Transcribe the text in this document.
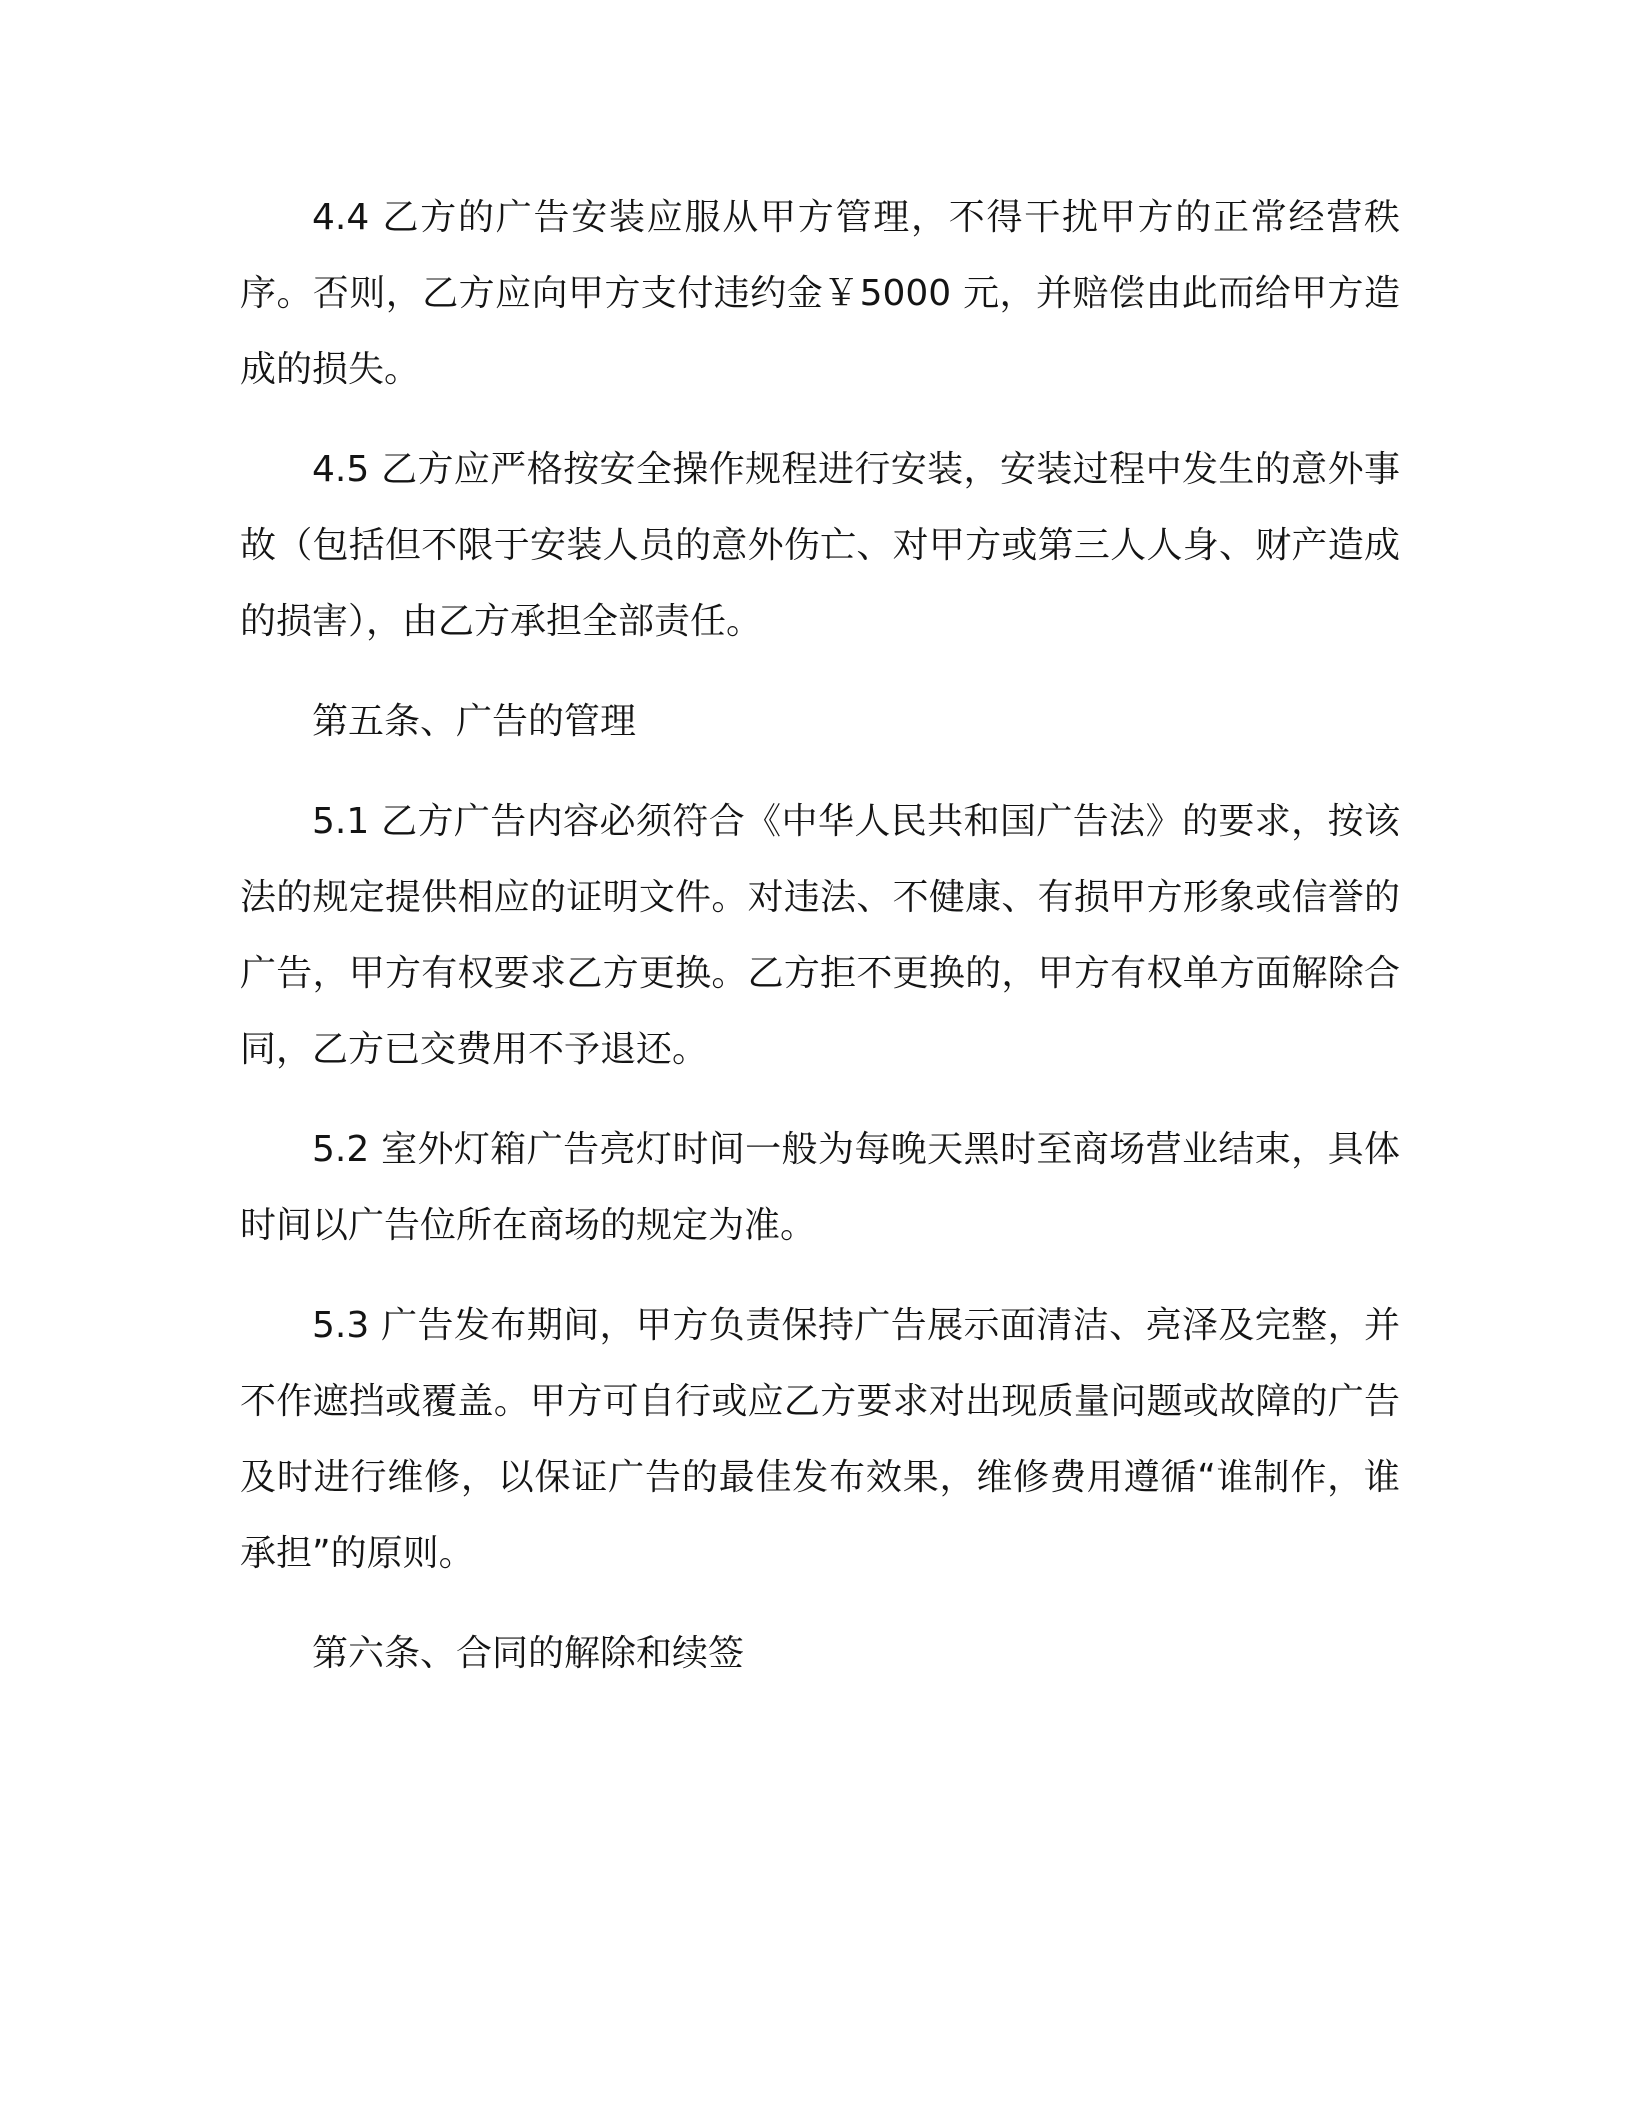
4.4 乙方的广告安装应服从甲方管理，不得干扰甲方的正常经营秩序。否则，乙方应向甲方支付违约金￥5000 元，并赔偿由此而给甲方造成的损失。

4.5 乙方应严格按安全操作规程进行安装，安装过程中发生的意外事故（包括但不限于安装人员的意外伤亡、对甲方或第三人人身、财产造成的损害），由乙方承担全部责任。

第五条、广告的管理

5.1 乙方广告内容必须符合《中华人民共和国广告法》的要求，按该法的规定提供相应的证明文件。对违法、不健康、有损甲方形象或信誉的广告，甲方有权要求乙方更换。乙方拒不更换的，甲方有权单方面解除合同，乙方已交费用不予退还。

5.2 室外灯箱广告亮灯时间一般为每晚天黑时至商场营业结束，具体时间以广告位所在商场的规定为准。

5.3 广告发布期间，甲方负责保持广告展示面清洁、亮泽及完整，并不作遮挡或覆盖。甲方可自行或应乙方要求对出现质量问题或故障的广告及时进行维修，以保证广告的最佳发布效果，维修费用遵循“谁制作，谁承担”的原则。

第六条、合同的解除和续签
